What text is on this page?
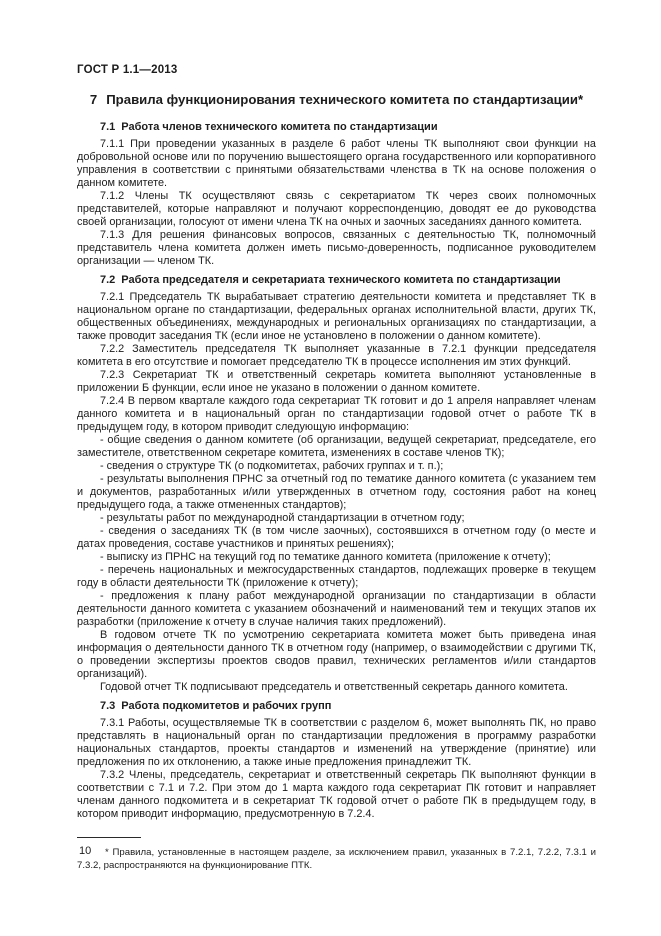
ГОСТ Р 1.1—2013
7 Правила функционирования технического комитета по стандартизации*
7.1 Работа членов технического комитета по стандартизации

7.1.1 При проведении указанных в разделе 6 работ члены ТК выполняют свои функции на добровольной основе или по поручению вышестоящего органа государственного или корпоративного управления в соответствии с принятыми обязательствами членства в ТК на основе положения о данном комитете.

7.1.2 Члены ТК осуществляют связь с секретариатом ТК через своих полномочных представителей, которые направляют и получают корреспонденцию, доводят ее до руководства своей организации, голосуют от имени члена ТК на очных и заочных заседаниях данного комитета.

7.1.3 Для решения финансовых вопросов, связанных с деятельностью ТК, полномочный представитель члена комитета должен иметь письмо-доверенность, подписанное руководителем организации — членом ТК.

7.2 Работа председателя и секретариата технического комитета по стандартизации

7.2.1 Председатель ТК вырабатывает стратегию деятельности комитета и представляет ТК в национальном органе по стандартизации, федеральных органах исполнительной власти, других ТК, общественных объединениях, международных и региональных организациях по стандартизации, а также проводит заседания ТК (если иное не установлено в положении о данном комитете).

7.2.2 Заместитель председателя ТК выполняет указанные в 7.2.1 функции председателя комитета в его отсутствие и помогает председателю ТК в процессе исполнения им этих функций.

7.2.3 Секретариат ТК и ответственный секретарь комитета выполняют установленные в приложении Б функции, если иное не указано в положении о данном комитете.

7.2.4 В первом квартале каждого года секретариат ТК готовит и до 1 апреля направляет членам данного комитета и в национальный орган по стандартизации годовой отчет о работе ТК в предыдущем году, в котором приводит следующую информацию:

- общие сведения о данном комитете (об организации, ведущей секретариат, председателе, его заместителе, ответственном секретаре комитета, изменениях в составе членов ТК);

- сведения о структуре ТК (о подкомитетах, рабочих группах и т. п.);

- результаты выполнения ПРНС за отчетный год по тематике данного комитета (с указанием тем и документов, разработанных и/или утвержденных в отчетном году, состояния работ на конец предыдущего года, а также отмененных стандартов);

- результаты работ по международной стандартизации в отчетном году;

- сведения о заседаниях ТК (в том числе заочных), состоявшихся в отчетном году (о месте и датах проведения, составе участников и принятых решениях);

- выписку из ПРНС на текущий год по тематике данного комитета (приложение к отчету);

- перечень национальных и межгосударственных стандартов, подлежащих проверке в текущем году в области деятельности ТК (приложение к отчету);

- предложения к плану работ международной организации по стандартизации в области деятельности данного комитета с указанием обозначений и наименований тем и текущих этапов их разработки (приложение к отчету в случае наличия таких предложений).

В годовом отчете ТК по усмотрению секретариата комитета может быть приведена иная информация о деятельности данного ТК в отчетном году (например, о взаимодействии с другими ТК, о проведении экспертизы проектов сводов правил, технических регламентов и/или стандартов организаций).

Годовой отчет ТК подписывают председатель и ответственный секретарь данного комитета.

7.3 Работа подкомитетов и рабочих групп

7.3.1 Работы, осуществляемые ТК в соответствии с разделом 6, может выполнять ПК, но право представлять в национальный орган по стандартизации предложения в программу разработки национальных стандартов, проекты стандартов и изменений на утверждение (принятие) или предложения по их отклонению, а также иные предложения принадлежит ТК.

7.3.2 Члены, председатель, секретариат и ответственный секретарь ПК выполняют функции в соответствии с 7.1 и 7.2. При этом до 1 марта каждого года секретариат ПК готовит и направляет членам данного подкомитета и в секретариат ТК годовой отчет о работе ПК в предыдущем году, в котором приводит информацию, предусмотренную в 7.2.4.

* Правила, установленные в настоящем разделе, за исключением правил, указанных в 7.2.1, 7.2.2, 7.3.1 и 7.3.2, распространяются на функционирование ПТК.

10
